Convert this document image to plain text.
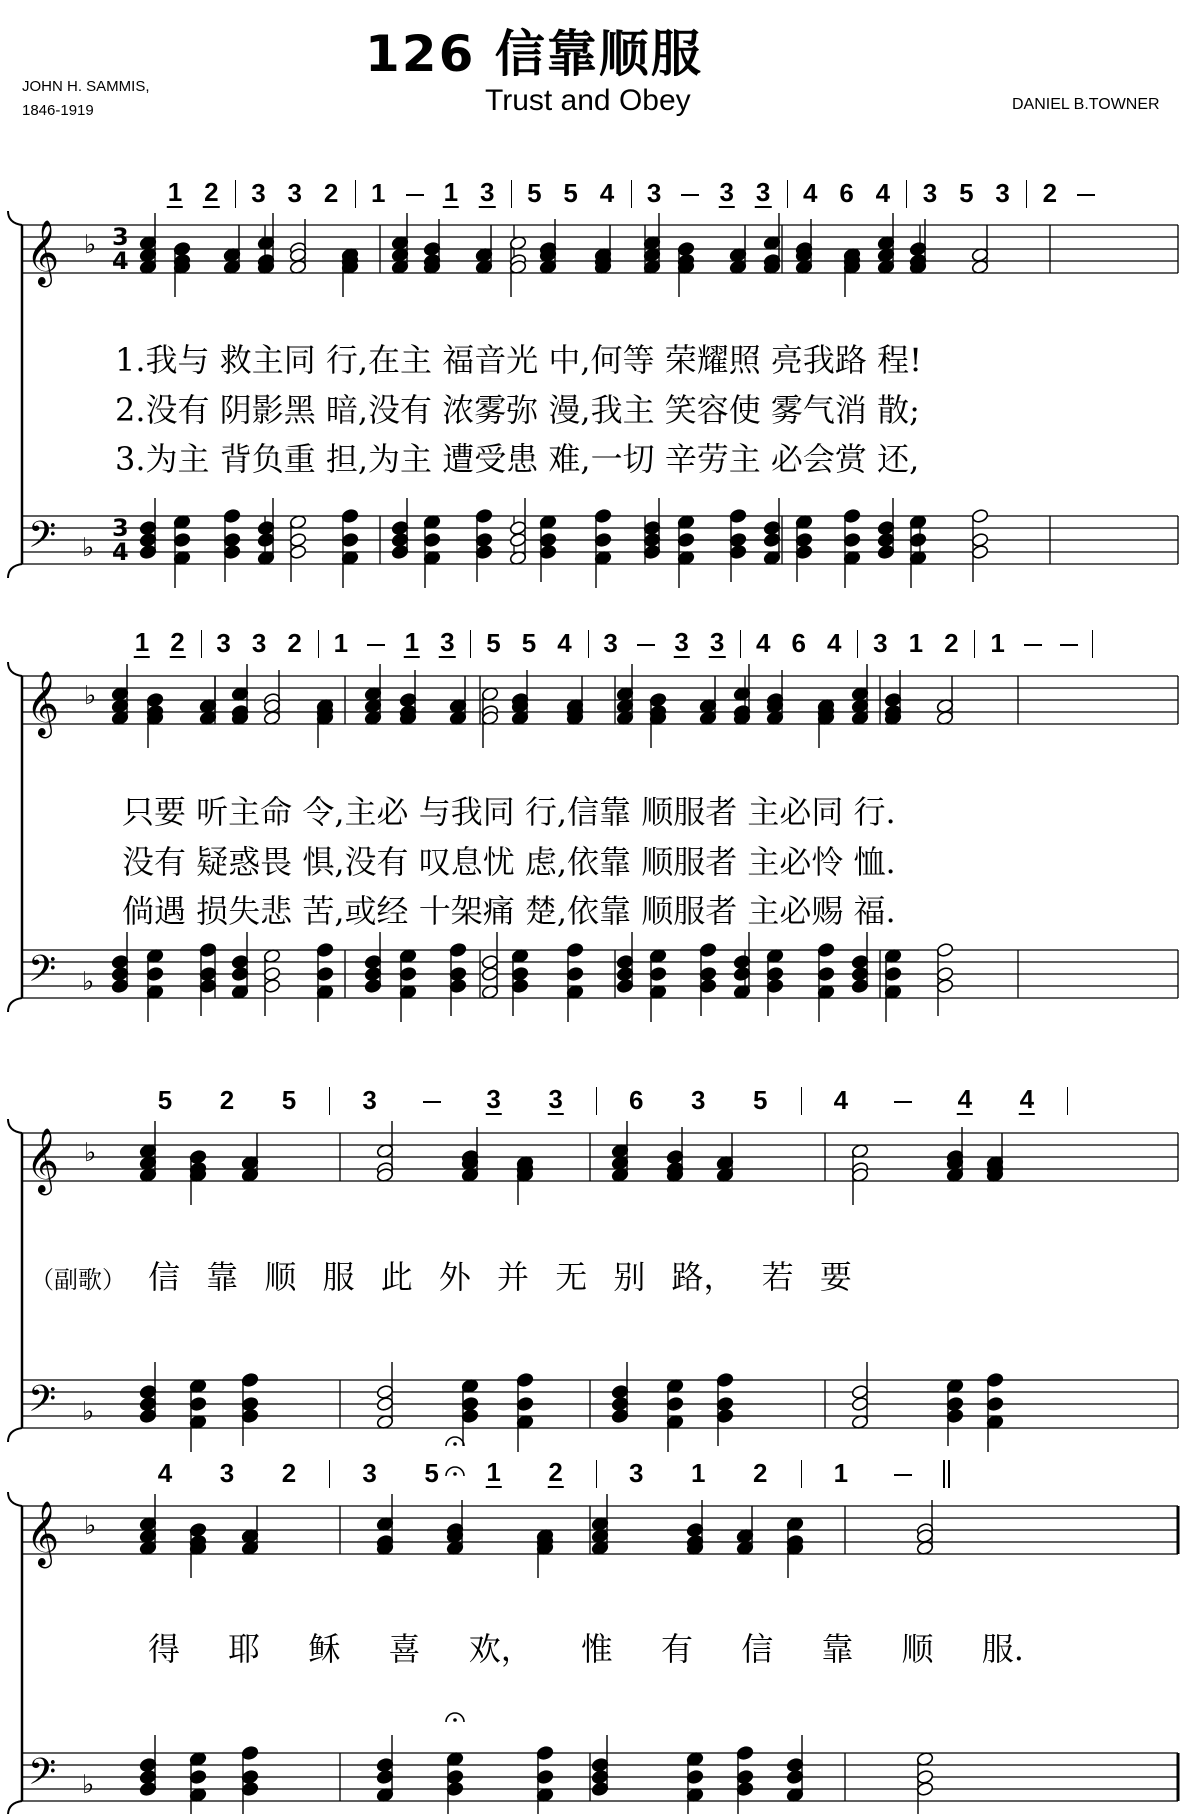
126 信靠顺服
Trust and Obey
JOHN H. SAMMIS,
1846-1919	DANIEL B.TOWNER
1 2 3 3 2 1 1 3 5 5 4 3 3 3 4 6 4 3 5 3 2
1 2 3 3 2 1 1 3 5 5 4 3 3 3 4 6 4 3 1 2 1
5 2 5	3	3 3	6 3 5	4	4 4
4 3 2	3 5 1 2	3 1 2	1
𝄞 ♭
𝄢 ♭
𝄞 ♭
𝄢 ♭
𝄞 ♭
𝄢 ♭
𝄞 ♭
𝄢 ♭
3
4
3
4
1.我与 救主同 行,在主 福音光 中,何等 荣耀照 亮我路 程!
2.没有 阴影黑 暗,没有 浓雾弥 漫,我主 笑容使 雾气消 散;
3.为主 背负重 担,为主 遭受患 难,一切 辛劳主 必会赏 还,
只要 听主命 令,主必 与我同 行,信靠 顺服者 主必同 行.
没有 疑惑畏 惧,没有 叹息忧 虑,依靠 顺服者 主必怜 恤.
倘遇 损失悲 苦,或经 十架痛 楚,依靠 顺服者 主必赐 福.
（副歌） 信 靠 顺 服 此 外 并 无 别 路， 若 要
得 耶 稣 喜 欢， 惟 有 信 靠 顺 服.
